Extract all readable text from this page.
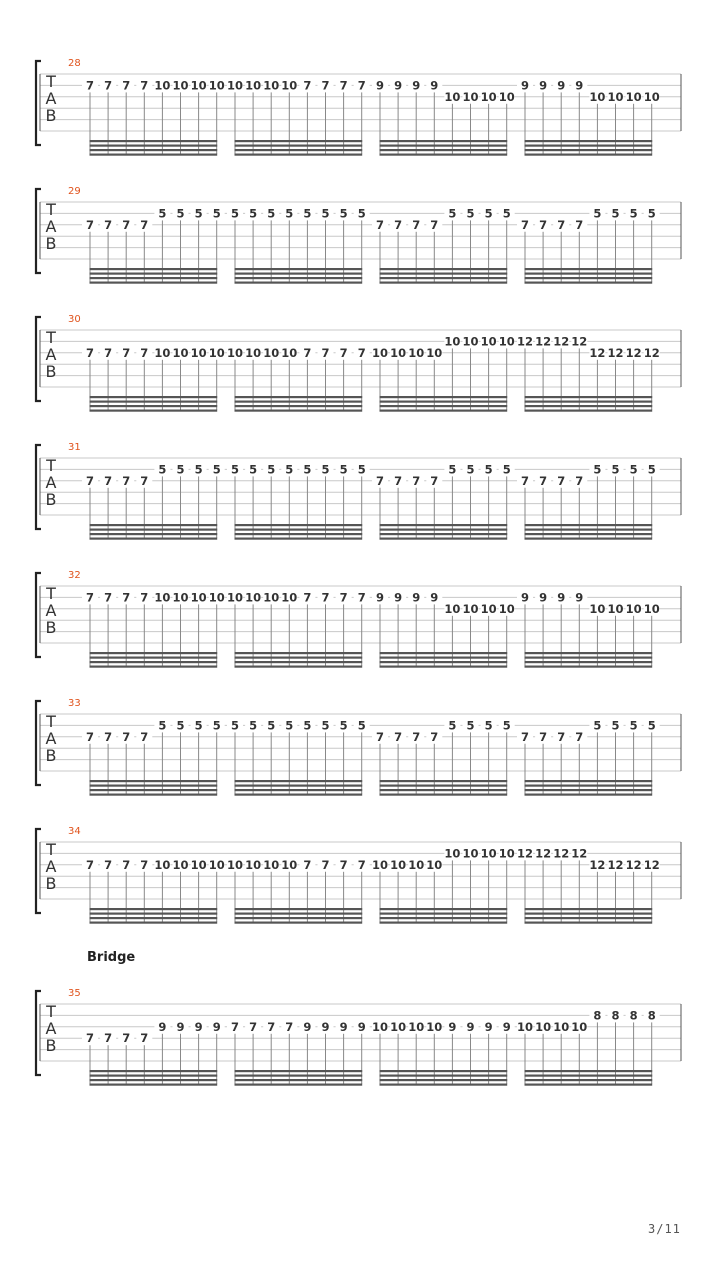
28
T
A
B
7 7 7 7 10 10 10 10 10 10 10 10 7 7 7 7 9 9 9 9
10 10 10 10
9 9 9 9
10 10 10 10
29
T
A
B
7 7 7 7
5 5 5 5 5 5 5 5 5 5 5 5
7 7 7 7
5 5 5 5
7 7 7 7
5 5 5 5
30
T
A
B
7 7 7 7 10 10 10 10 10 10 10 10 7 7 7 7 10 10 10 10
10 10 10 10 12 12 12 12
12 12 12 12
31
T
A
B
7 7 7 7
5 5 5 5 5 5 5 5 5 5 5 5
7 7 7 7
5 5 5 5
7 7 7 7
5 5 5 5
32
T
A
B
7 7 7 7 10 10 10 10 10 10 10 10 7 7 7 7 9 9 9 9
10 10 10 10
9 9 9 9
10 10 10 10
33
T
A
B
7 7 7 7
5 5 5 5 5 5 5 5 5 5 5 5
7 7 7 7
5 5 5 5
7 7 7 7
5 5 5 5
34
T
A
B
7 7 7 7 10 10 10 10 10 10 10 10 7 7 7 7 10 10 10 10
10 10 10 10 12 12 12 12
12 12 12 12
35
T
A
B	7 7 7 7
9 9 9 9 7 7 7 7 9 9 9 9 10 10 10 10 9 9 9 9 10 10 10 10
8 8 8 8
Bridge
3/11
